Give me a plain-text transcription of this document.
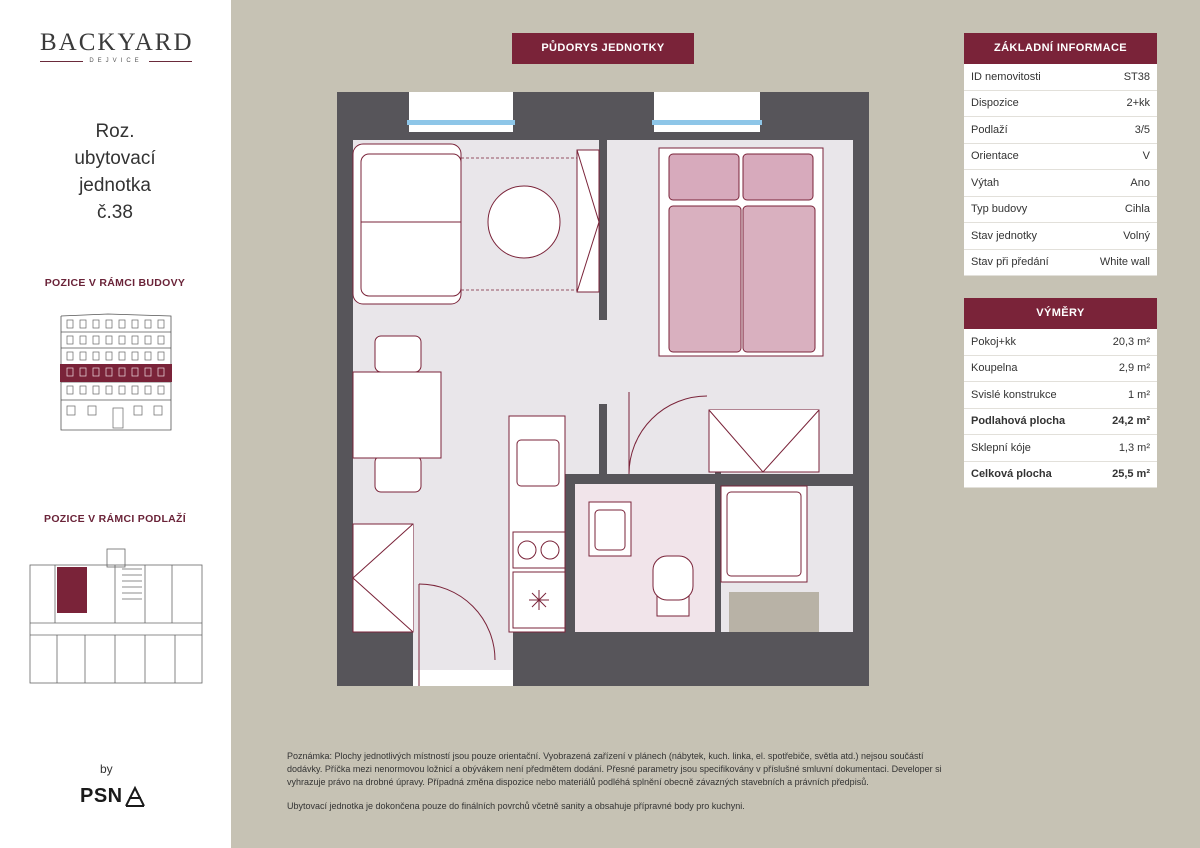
BACKYARD
DEJVICE
Roz.
ubytovací
jednotka
č.38
POZICE V RÁMCI BUDOVY
POZICE V RÁMCI PODLAŽÍ
by
PSN
PŮDORYS JEDNOTKY	ZÁKLADNÍ INFORMACE
ID nemovitosti	ST38
Dispozice	2+kk
Podlaží	3/5
Orientace	V
Výtah	Ano
Typ budovy	Cihla
Stav jednotky	Volný
Stav při předání	White wall
VÝMĚRY
Pokoj+kk	20,3 m²
Koupelna	2,9 m²
Svislé konstrukce	1 m²
Podlahová plocha	24,2 m²
Sklepní kóje	1,3 m²
Celková plocha	25,5 m²

Poznámka: Plochy jednotlivých místností jsou pouze orientační. Vyobrazená zařízení v plánech (nábytek, kuch. linka, el. spotřebiče, světla atd.) nejsou součástí dodávky. Příčka mezi nenormovou ložnicí a obývákem není předmětem dodání. Přesné parametry jsou specifikovány v příslušné smluvní dokumentaci. Developer si vyhrazuje právo na drobné úpravy. Případná změna dispozice nebo materiálů podléhá splnění obecně závazných stavebních a právních předpisů.

Ubytovací jednotka je dokončena pouze do finálních povrchů včetně sanity a obsahuje přípravné body pro kuchyni.
